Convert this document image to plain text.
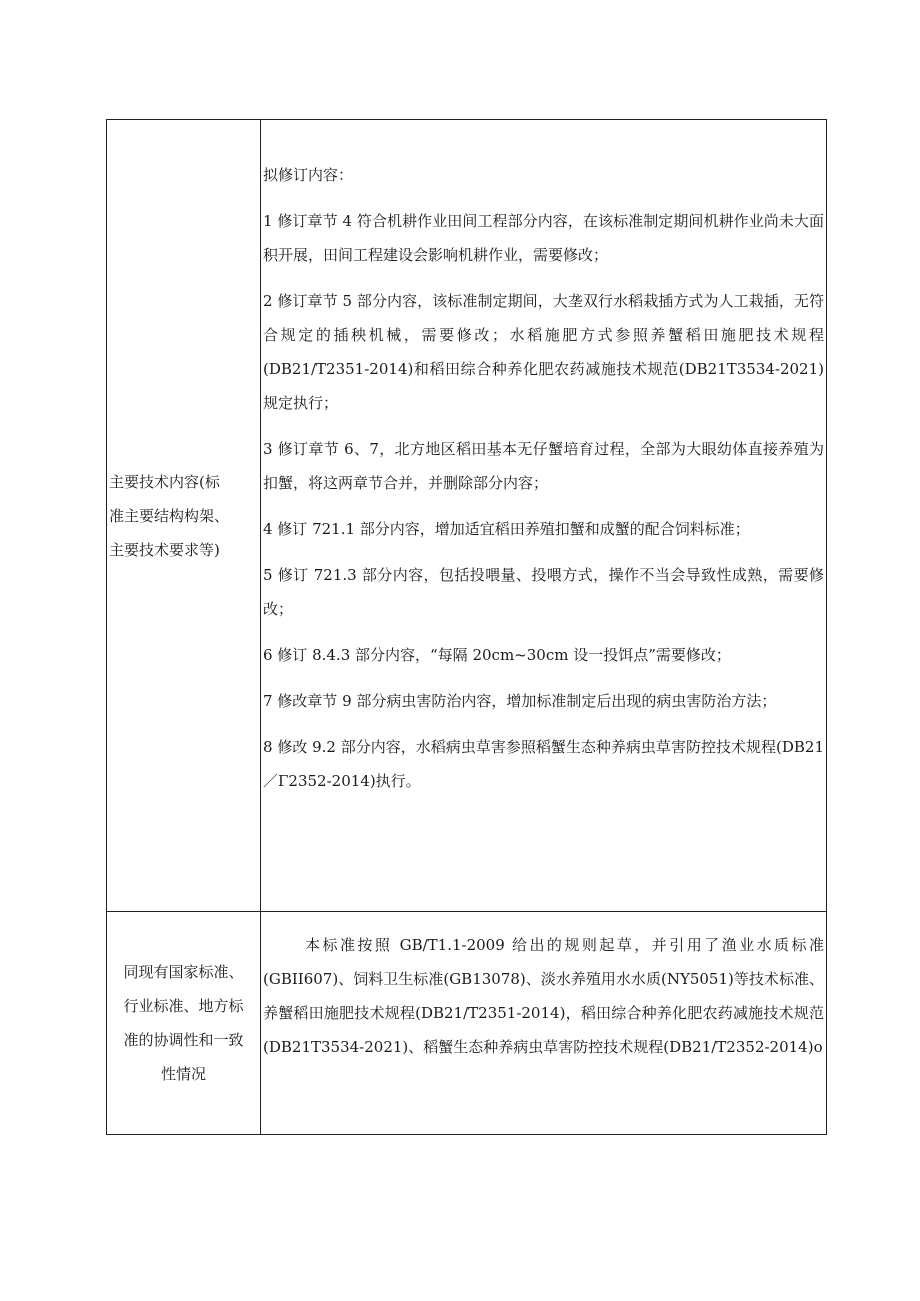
主要技术内容(标
准主要结构构架、
主要技术要求等)

拟修订内容：

1 修订章节 4 符合机耕作业田间工程部分内容，在该标准制定期间机耕作业尚未大面积开展，田间工程建设会影响机耕作业，需要修改；

2 修订章节 5 部分内容，该标准制定期间，大垄双行水稻栽插方式为人工栽插，无符合规定的插秧机械，需要修改；水稻施肥方式参照养蟹稻田施肥技术规程(DB21/T2351-2014)和稻田综合种养化肥农药减施技术规范(DB21T3534-2021)规定执行；

3 修订章节 6、7，北方地区稻田基本无仔蟹培育过程，全部为大眼幼体直接养殖为扣蟹，将这两章节合并，并删除部分内容；

4 修订 721.1 部分内容，增加适宜稻田养殖扣蟹和成蟹的配合饲料标准；

5 修订 721.3 部分内容，包括投喂量、投喂方式，操作不当会导致性成熟，需要修改；

6 修订 8.4.3 部分内容，“每隔 20cm~30cm 设一投饵点”需要修改；

7 修改章节 9 部分病虫害防治内容，增加标准制定后出现的病虫害防治方法；

8 修改 9.2 部分内容，水稻病虫草害参照稻蟹生态种养病虫草害防控技术规程(DB21／Γ2352-2014)执行。

同现有国家标准、
行业标准、地方标
准的协调性和一致
性情况

本标准按照 GB/T1.1-2009 给出的规则起草，并引用了渔业水质标准(GBII607)、饲料卫生标准(GB13078)、淡水养殖用水水质(NY5051)等技术标准、养蟹稻田施肥技术规程(DB21/T2351-2014)，稻田综合种养化肥农药减施技术规范(DB21T3534-2021)、稻蟹生态种养病虫草害防控技术规程(DB21/T2352-2014)o
